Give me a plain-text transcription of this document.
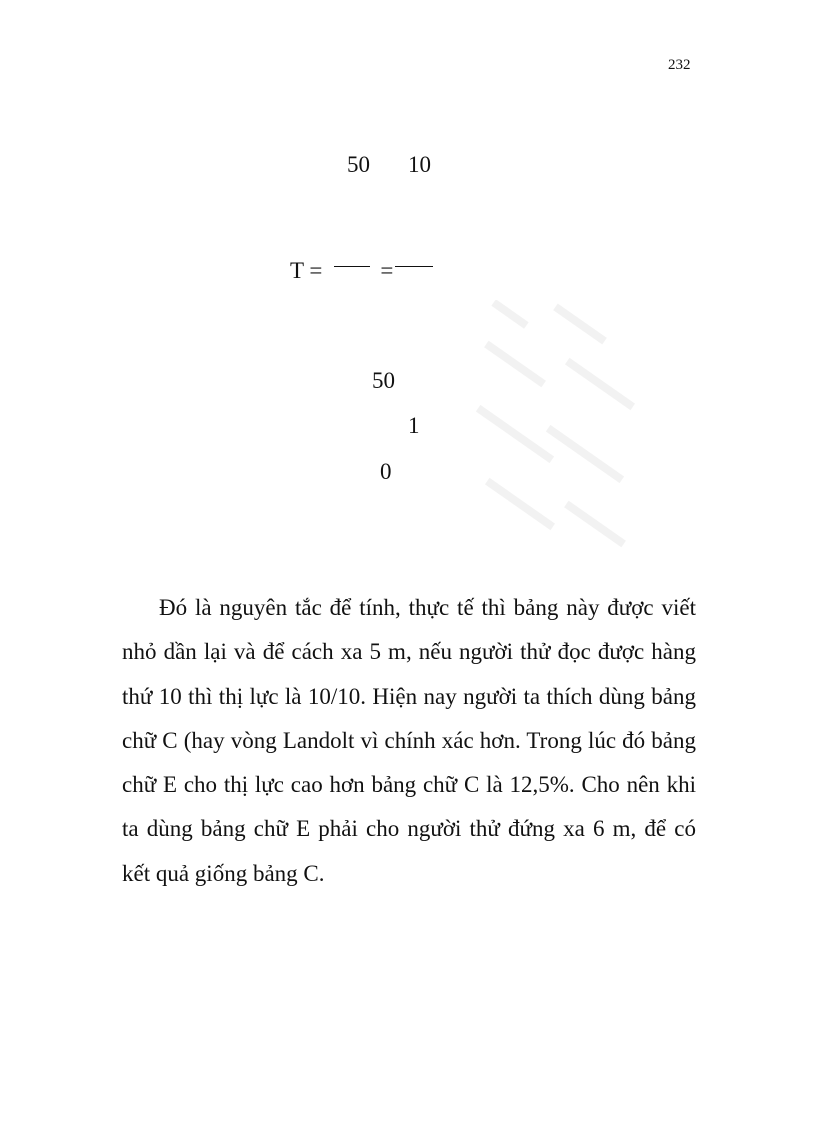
232
50 10
T =	=
50
1
0

Đó là nguyên tắc để tính, thực tế thì bảng này được viết nhỏ dần lại và để cách xa 5 m, nếu người thử đọc được hàng thứ 10 thì thị lực là 10/10. Hiện nay người ta thích dùng bảng chữ C (hay vòng Landolt vì chính xác hơn. Trong lúc đó bảng chữ E cho thị lực cao hơn bảng chữ C là 12,5%. Cho nên khi ta dùng bảng chữ E phải cho người thử đứng xa 6 m, để có kết quả giống bảng C.
